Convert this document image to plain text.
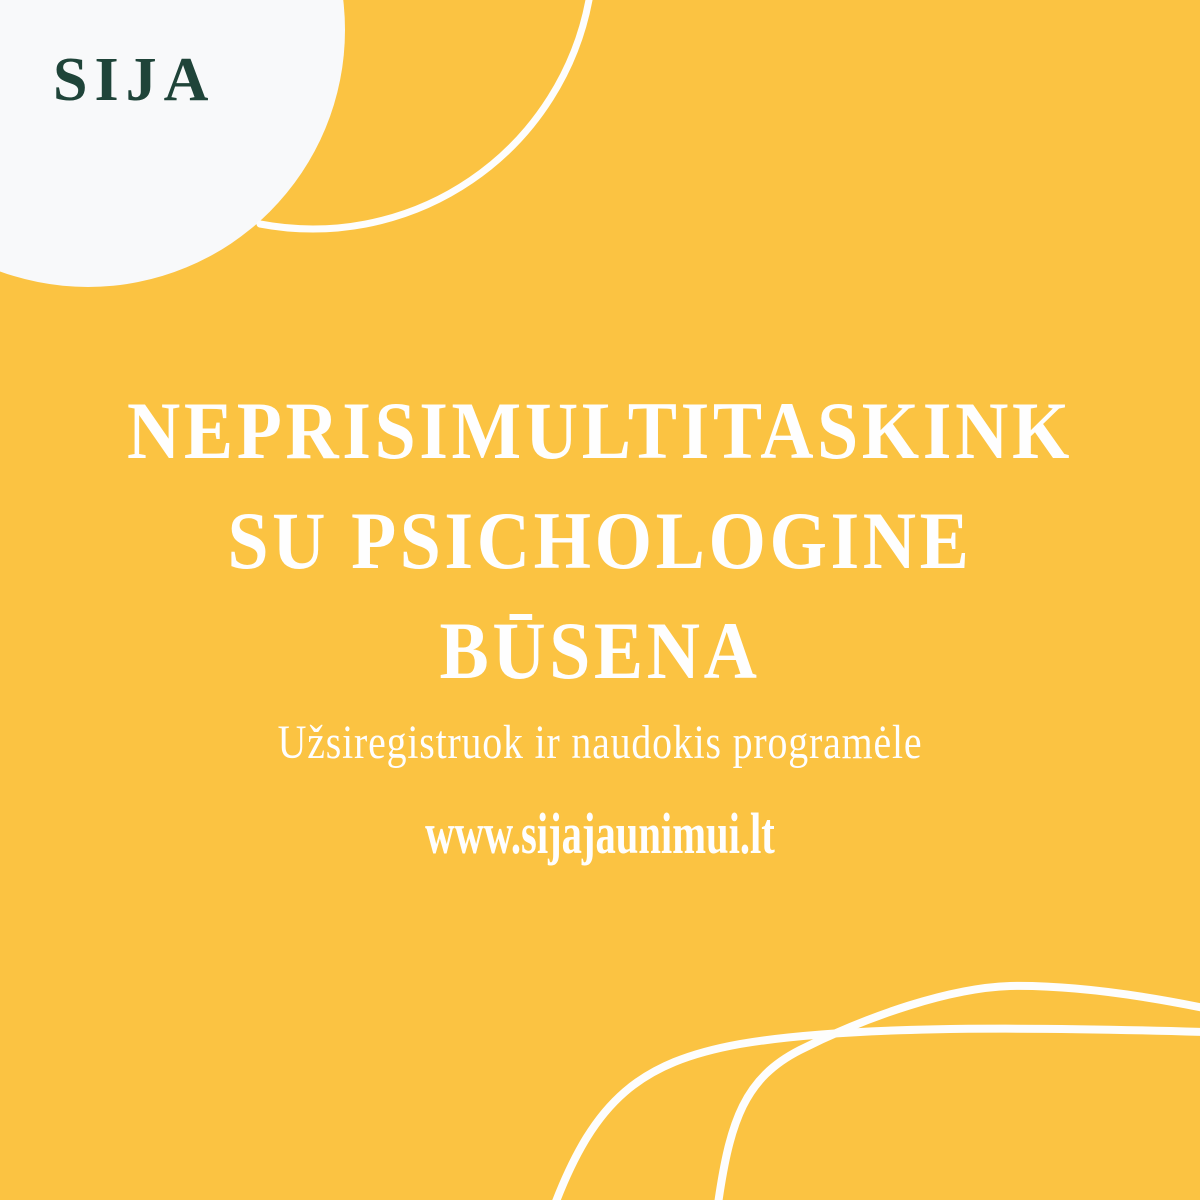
SIJA
NEPRISIMULTITASKINK
SU PSICHOLOGINE
BŪSENA
Užsiregistruok ir naudokis programėle
www.sijajaunimui.lt
